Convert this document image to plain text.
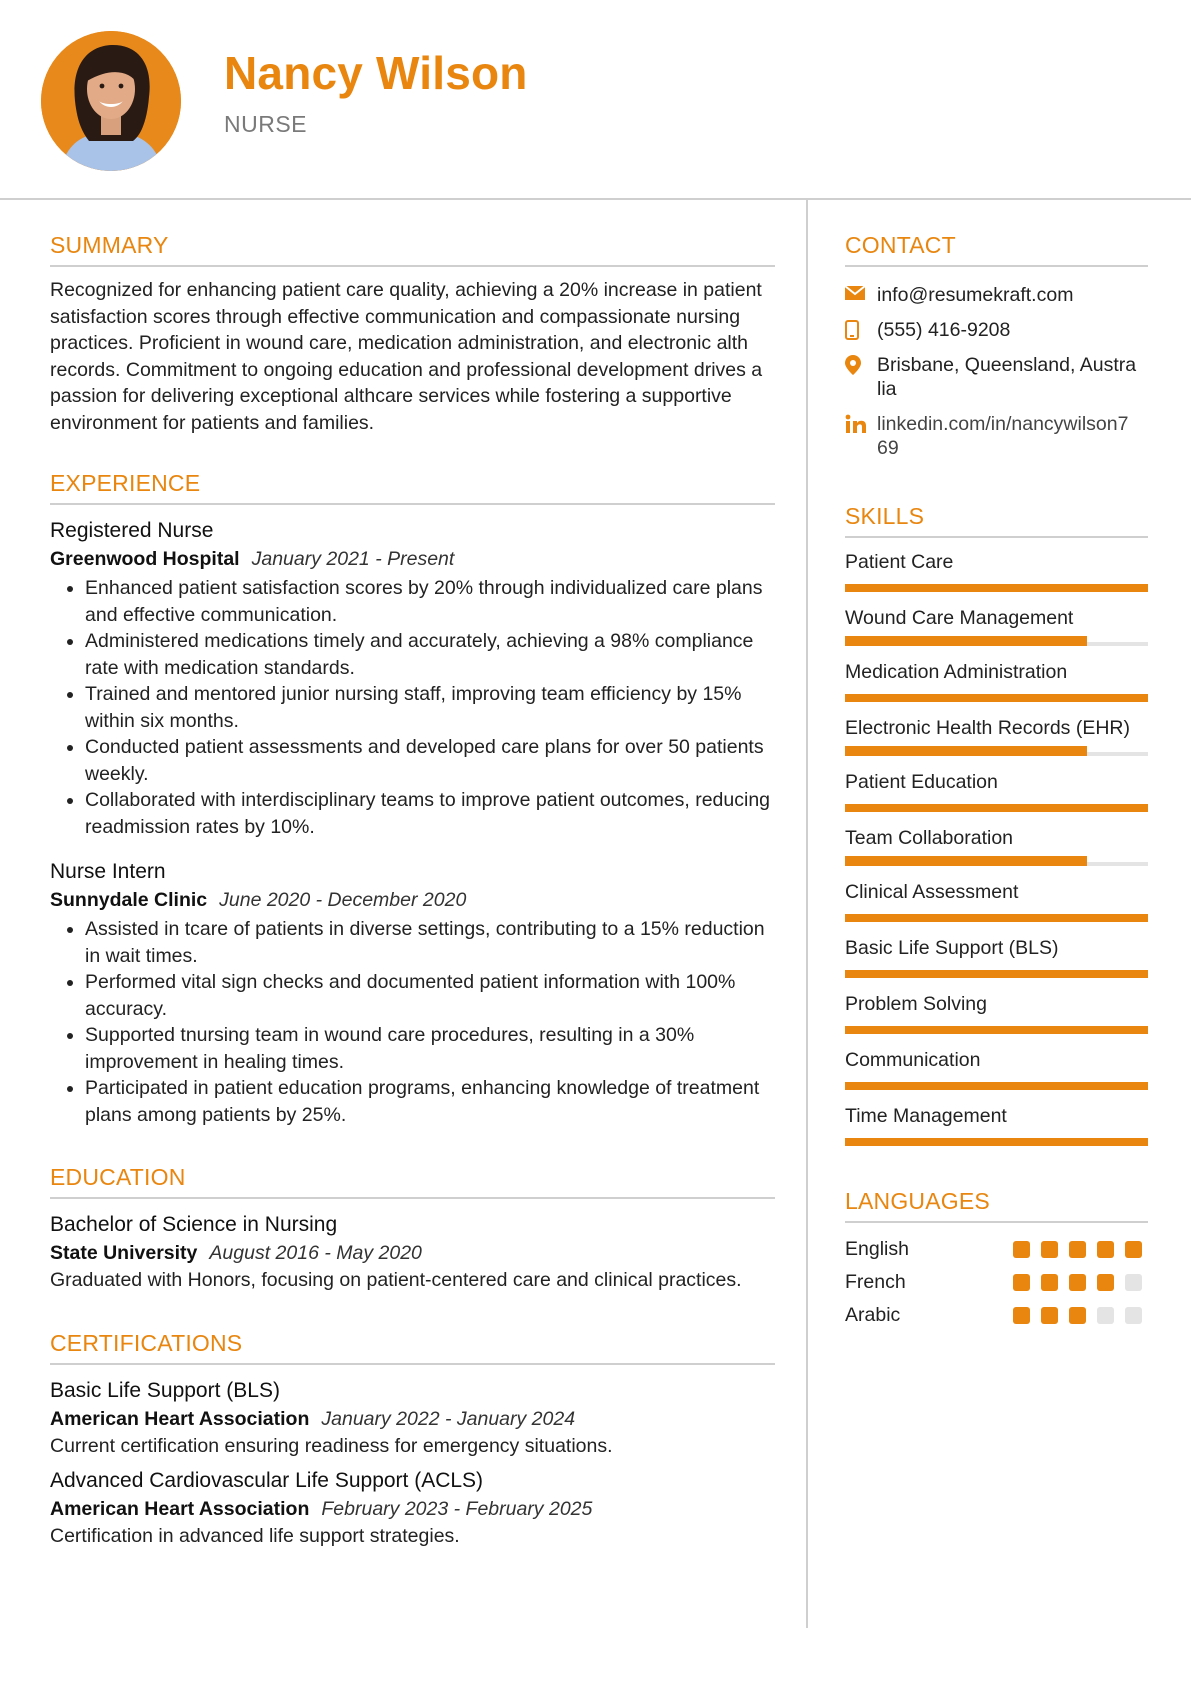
Nancy Wilson
NURSE
SUMMARY

Recognized for enhancing patient care quality, achieving a 20% increase in patient satisfaction scores through effective communication and compassionate nursing practices. Proficient in wound care, medication administration, and electronic alth records. Commitment to ongoing education and professional development drives a passion for delivering exceptional althcare services while fostering a supportive environment for patients and families.

EXPERIENCE
Registered Nurse
Greenwood Hospital January 2021 - Present
• Enhanced patient satisfaction scores by 20% through individualized care plans and effective communication.
• Administered medications timely and accurately, achieving a 98% compliance rate with medication standards.
• Trained and mentored junior nursing staff, improving team efficiency by 15% within six months.
• Conducted patient assessments and developed care plans for over 50 patients weekly.
• Collaborated with interdisciplinary teams to improve patient outcomes, reducing readmission rates by 10%.
Nurse Intern
Sunnydale Clinic June 2020 - December 2020
• Assisted in tcare of patients in diverse settings, contributing to a 15% reduction in wait times.
• Performed vital sign checks and documented patient information with 100% accuracy.
• Supported tnursing team in wound care procedures, resulting in a 30% improvement in healing times.
• Participated in patient education programs, enhancing knowledge of treatment plans among patients by 25%.
EDUCATION
Bachelor of Science in Nursing
State University August 2016 - May 2020

Graduated with Honors, focusing on patient-centered care and clinical practices.

CERTIFICATIONS
Basic Life Support (BLS)
American Heart Association January 2022 - January 2024

Current certification ensuring readiness for emergency situations.

Advanced Cardiovascular Life Support (ACLS)
American Heart Association February 2023 - February 2025

Certification in advanced life support strategies.

CONTACT
info@resumekraft.com
(555) 416-9208
Brisbane, Queensland, Australia
linkedin.com/in/nancywilson769
SKILLS
Patient Care
Wound Care Management
Medication Administration
Electronic Health Records (EHR)
Patient Education
Team Collaboration
Clinical Assessment
Basic Life Support (BLS)
Problem Solving
Communication
Time Management
LANGUAGES
English
French
Arabic
